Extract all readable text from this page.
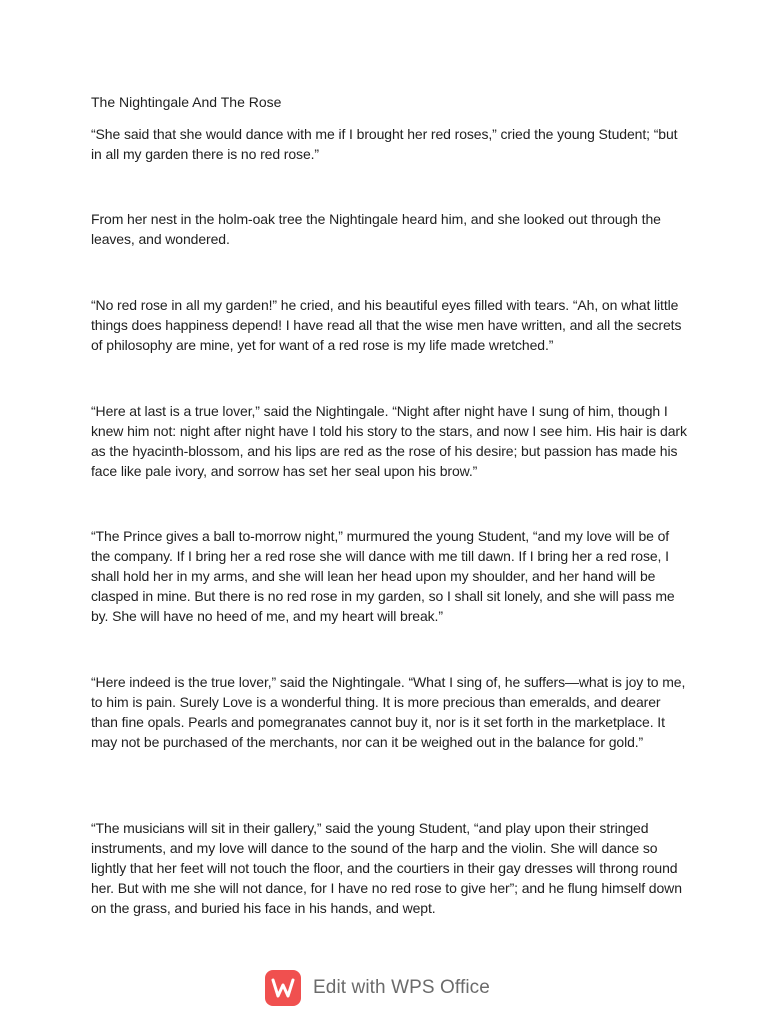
The Nightingale And The Rose

“She said that she would dance with me if I brought her red roses,” cried the young Student; “but in all my garden there is no red rose.”

From her nest in the holm-oak tree the Nightingale heard him, and she looked out through the leaves, and wondered.

“No red rose in all my garden!” he cried, and his beautiful eyes filled with tears. “Ah, on what little things does happiness depend! I have read all that the wise men have written, and all the secrets of philosophy are mine, yet for want of a red rose is my life made wretched.”

“Here at last is a true lover,” said the Nightingale. “Night after night have I sung of him, though I knew him not: night after night have I told his story to the stars, and now I see him. His hair is dark as the hyacinth-blossom, and his lips are red as the rose of his desire; but passion has made his face like pale ivory, and sorrow has set her seal upon his brow.”

“The Prince gives a ball to-morrow night,” murmured the young Student, “and my love will be of the company. If I bring her a red rose she will dance with me till dawn. If I bring her a red rose, I shall hold her in my arms, and she will lean her head upon my shoulder, and her hand will be clasped in mine. But there is no red rose in my garden, so I shall sit lonely, and she will pass me by. She will have no heed of me, and my heart will break.”

“Here indeed is the true lover,” said the Nightingale. “What I sing of, he suffers—what is joy to me, to him is pain. Surely Love is a wonderful thing. It is more precious than emeralds, and dearer than fine opals. Pearls and pomegranates cannot buy it, nor is it set forth in the marketplace. It may not be purchased of the merchants, nor can it be weighed out in the balance for gold.”

“The musicians will sit in their gallery,” said the young Student, “and play upon their stringed instruments, and my love will dance to the sound of the harp and the violin. She will dance so lightly that her feet will not touch the floor, and the courtiers in their gay dresses will throng round her. But with me she will not dance, for I have no red rose to give her”; and he flung himself down on the grass, and buried his face in his hands, and wept.

Edit with WPS Office
